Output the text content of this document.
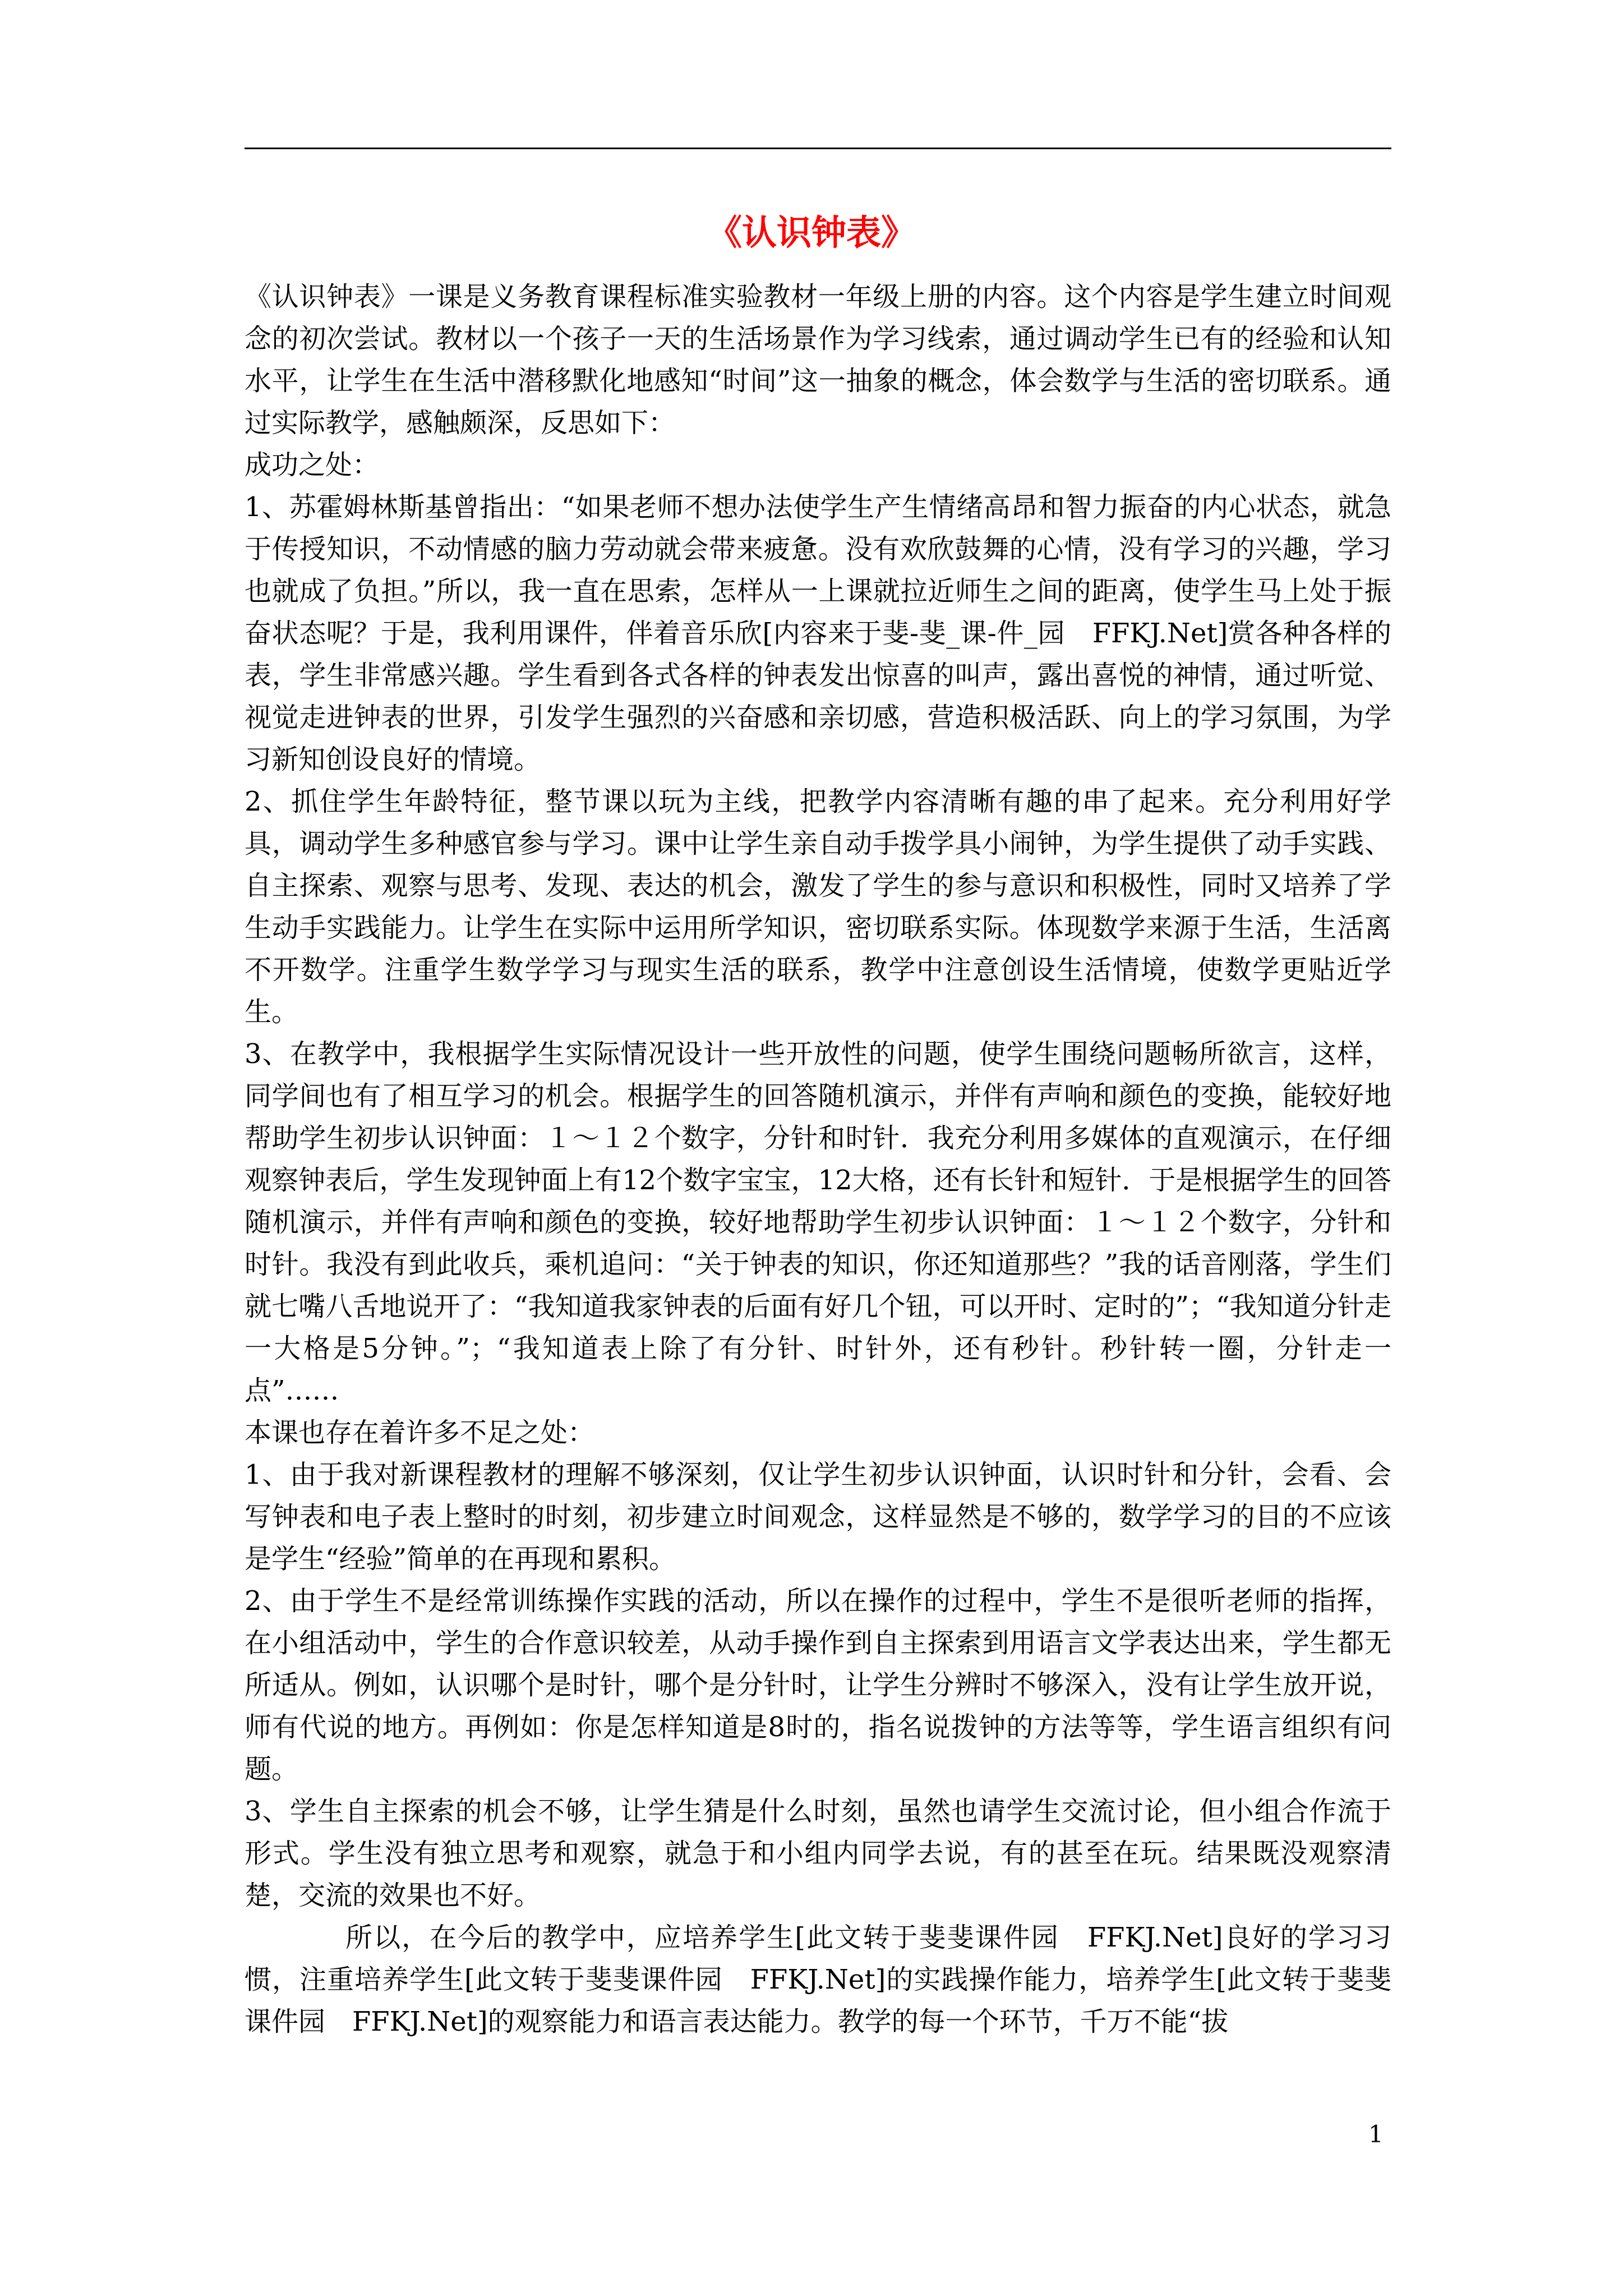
《认识钟表》

《认识钟表》一课是义务教育课程标准实验教材一年级上册的内容。这个内容是学生建立时间观念的初次尝试。教材以一个孩子一天的生活场景作为学习线索，通过调动学生已有的经验和认知水平，让学生在生活中潜移默化地感知“时间”这一抽象的概念，体会数学与生活的密切联系。通过实际教学，感触颇深，反思如下：

成功之处：

1、苏霍姆林斯基曾指出：“如果老师不想办法使学生产生情绪高昂和智力振奋的内心状态，就急于传授知识，不动情感的脑力劳动就会带来疲惫。没有欢欣鼓舞的心情，没有学习的兴趣，学习也就成了负担。”所以，我一直在思索，怎样从一上课就拉近师生之间的距离，使学生马上处于振奋状态呢？于是，我利用课件，伴着音乐欣[内容来于斐-斐_课-件_园　FFKJ.Net]赏各种各样的表，学生非常感兴趣。学生看到各式各样的钟表发出惊喜的叫声，露出喜悦的神情，通过听觉、视觉走进钟表的世界，引发学生强烈的兴奋感和亲切感，营造积极活跃、向上的学习氛围，为学习新知创设良好的情境。

2、抓住学生年龄特征，整节课以玩为主线，把教学内容清晰有趣的串了起来。充分利用好学具，调动学生多种感官参与学习。课中让学生亲自动手拨学具小闹钟，为学生提供了动手实践、自主探索、观察与思考、发现、表达的机会，激发了学生的参与意识和积极性，同时又培养了学生动手实践能力。让学生在实际中运用所学知识，密切联系实际。体现数学来源于生活，生活离不开数学。注重学生数学学习与现实生活的联系，教学中注意创设生活情境，使数学更贴近学生。

3、在教学中，我根据学生实际情况设计一些开放性的问题，使学生围绕问题畅所欲言，这样，同学间也有了相互学习的机会。根据学生的回答随机演示，并伴有声响和颜色的变换，能较好地帮助学生初步认识钟面：１～１２个数字，分针和时针．我充分利用多媒体的直观演示，在仔细观察钟表后，学生发现钟面上有12个数字宝宝，12大格，还有长针和短针．于是根据学生的回答随机演示，并伴有声响和颜色的变换，较好地帮助学生初步认识钟面：１～１２个数字，分针和时针。我没有到此收兵，乘机追问：“关于钟表的知识，你还知道那些？”我的话音刚落，学生们就七嘴八舌地说开了：“我知道我家钟表的后面有好几个钮，可以开时、定时的”；“我知道分针走一大格是5分钟。”；“我知道表上除了有分针、时针外，还有秒针。秒针转一圈，分针走一点”……

本课也存在着许多不足之处：

1、由于我对新课程教材的理解不够深刻，仅让学生初步认识钟面，认识时针和分针，会看、会写钟表和电子表上整时的时刻，初步建立时间观念，这样显然是不够的，数学学习的目的不应该是学生“经验”简单的在再现和累积。

2、由于学生不是经常训练操作实践的活动，所以在操作的过程中，学生不是很听老师的指挥，在小组活动中，学生的合作意识较差，从动手操作到自主探索到用语言文学表达出来，学生都无所适从。例如，认识哪个是时针，哪个是分针时，让学生分辨时不够深入，没有让学生放开说，师有代说的地方。再例如：你是怎样知道是8时的，指名说拨钟的方法等等，学生语言组织有问题。

3、学生自主探索的机会不够，让学生猜是什么时刻，虽然也请学生交流讨论，但小组合作流于形式。学生没有独立思考和观察，就急于和小组内同学去说，有的甚至在玩。结果既没观察清楚，交流的效果也不好。

所以，在今后的教学中，应培养学生[此文转于斐斐课件园　FFKJ.Net]良好的学习习惯，注重培养学生[此文转于斐斐课件园　FFKJ.Net]的实践操作能力，培养学生[此文转于斐斐课件园　FFKJ.Net]的观察能力和语言表达能力。教学的每一个环节，千万不能“拔

1
